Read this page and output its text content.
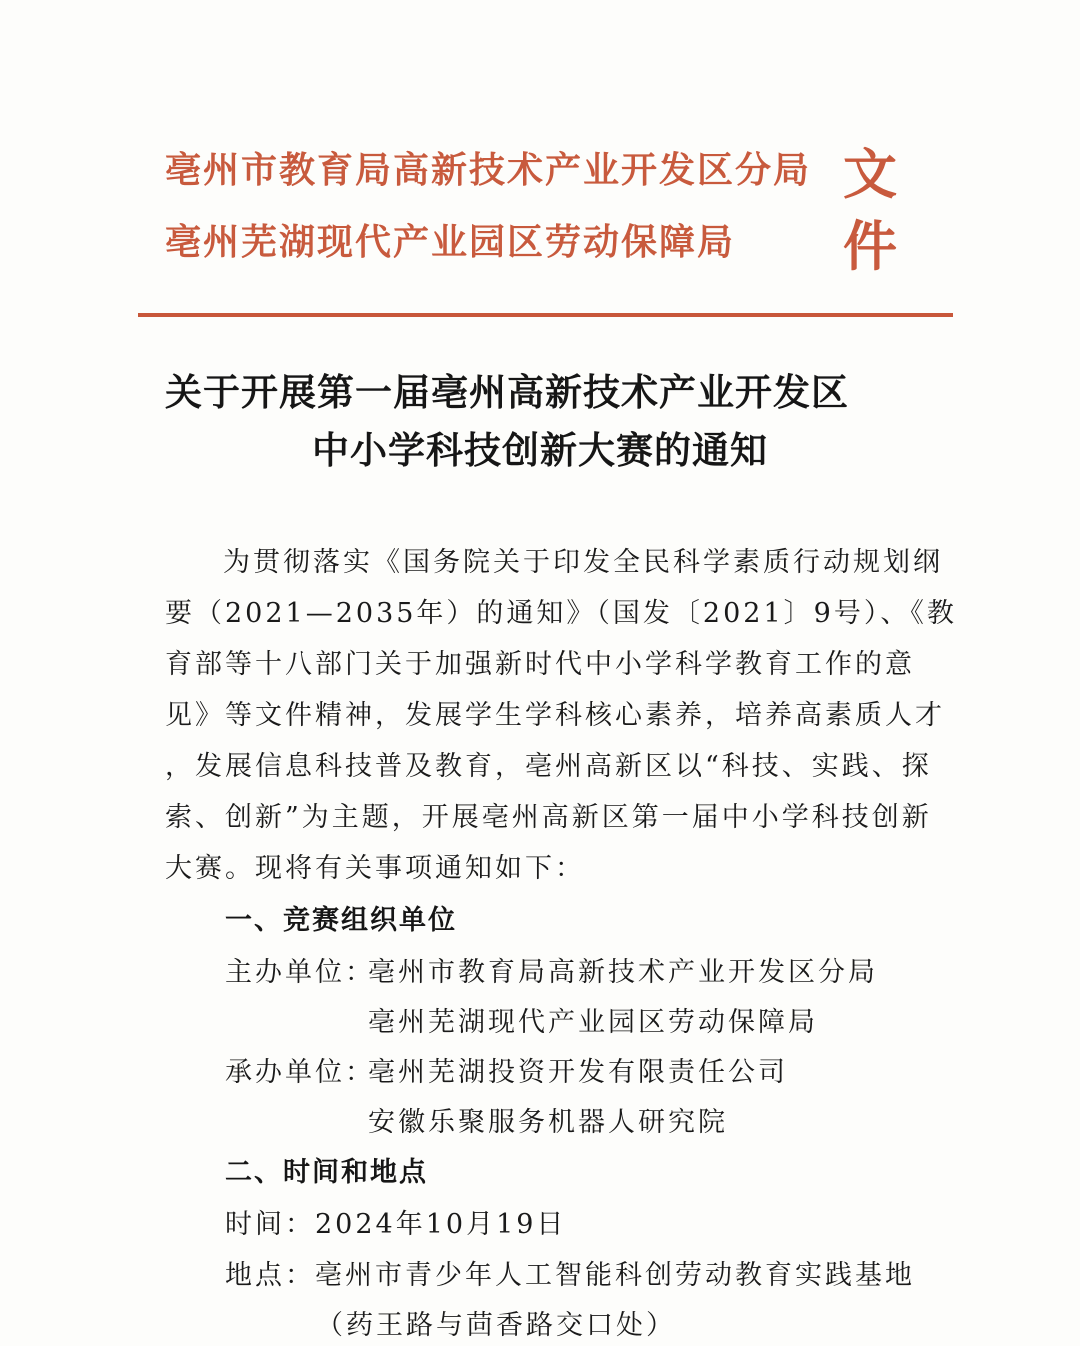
亳州市教育局高新技术产业开发区分局
亳州芜湖现代产业园区劳动保障局
文
件
关于开展第一届亳州高新技术产业开发区
中小学科技创新大赛的通知
为贯彻落实《国务院关于印发全民科学素质行动规划纲
要（2021—2035年）的通知》（国发〔2021〕9号）、《教
育部等十八部门关于加强新时代中小学科学教育工作的意
见》等文件精神，发展学生学科核心素养，培养高素质人才
，发展信息科技普及教育，亳州高新区以“科技、实践、探
索、创新”为主题，开展亳州高新区第一届中小学科技创新
大赛。现将有关事项通知如下：
一、竞赛组织单位
主办单位：
亳州市教育局高新技术产业开发区分局
亳州芜湖现代产业园区劳动保障局
承办单位：
亳州芜湖投资开发有限责任公司
安徽乐聚服务机器人研究院
二、时间和地点
时间：2024年10月19日
地点：亳州市青少年人工智能科创劳动教育实践基地
（药王路与茴香路交口处）
